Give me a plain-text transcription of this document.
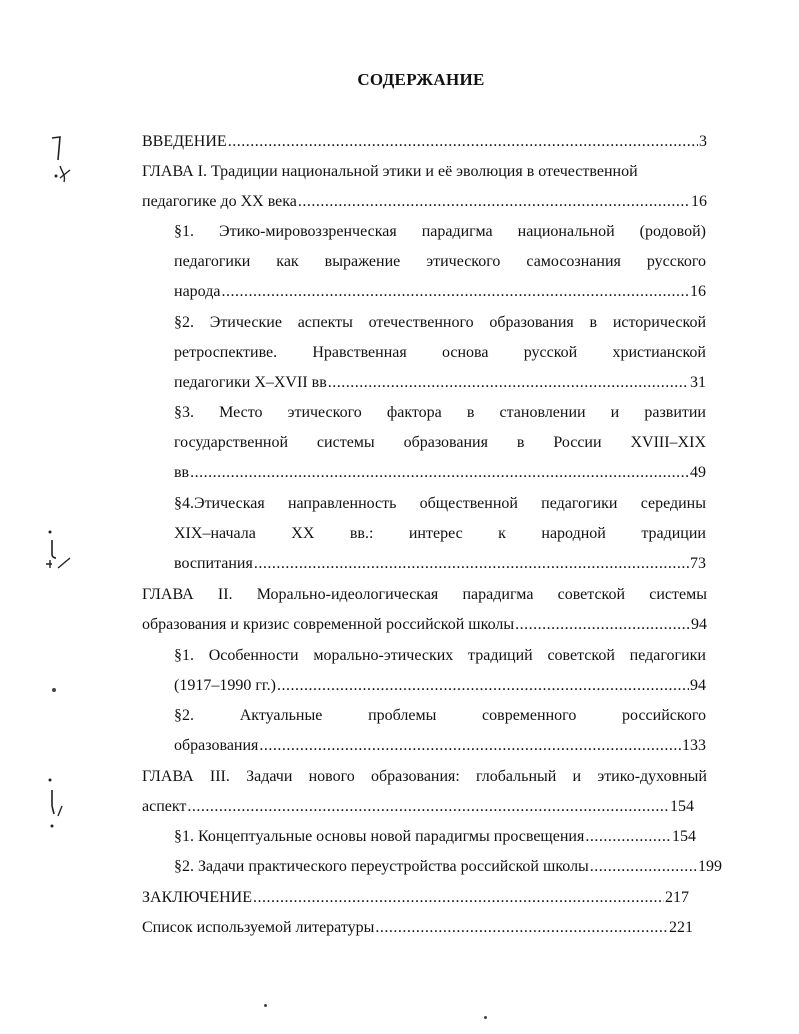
СОДЕРЖАНИЕ
ВВЕДЕНИЕ .....	3
ГЛАВА I. Традиции национальной этики и её эволюция в отечественной
педагогике до XX века .....	16
§1. Этико-мировоззренческая парадигма национальной (родовой)
педагогики как выражение этического самосознания русского
народа .....	16
§2. Этические аспекты отечественного образования в исторической
ретроспективе. Нравственная основа русской христианской
педагогики X–XVII вв .....	31
§3. Место этического фактора в становлении и развитии
государственной системы образования в России XVIII–XIX
вв .....	49
§4.Этическая направленность общественной педагогики середины
XIX–начала XX вв.: интерес к народной традиции
воспитания .....	73
ГЛАВА II. Морально-идеологическая парадигма советской системы
образования и кризис современной российской школы .....	94
§1. Особенности морально-этических традиций советской педагогики
(1917–1990 гг.) .....	94
§2. Актуальные проблемы современного российского
образования .....	133
ГЛАВА III. Задачи нового образования: глобальный и этико-духовный
аспект .....	154
§1. Концептуальные основы новой парадигмы просвещения .....	154
§2. Задачи практического переустройства российской школы .....	199
ЗАКЛЮЧЕНИЕ .....	217
Список используемой литературы .....	221
